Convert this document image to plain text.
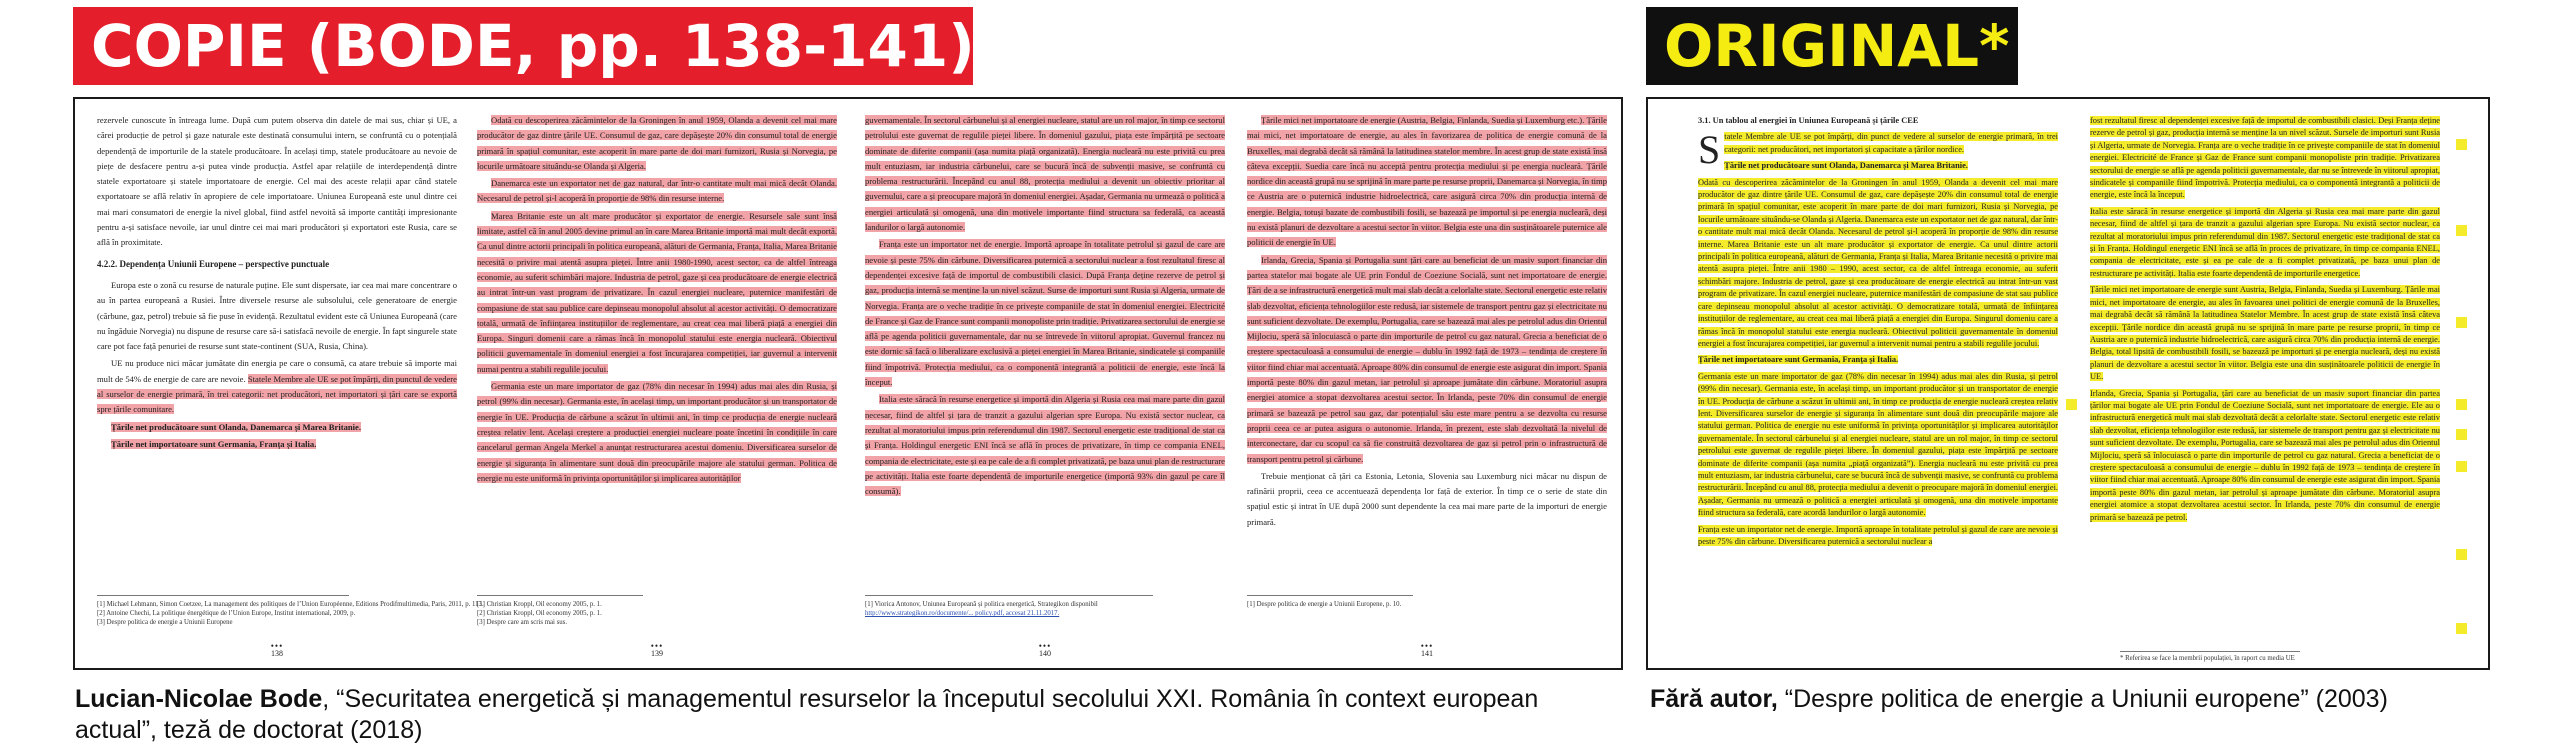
COPIE (BODE, pp. 138-141)	ORIGINAL*

rezervele cunoscute în întreaga lume. După cum putem observa din datele de mai sus, chiar și UE, a cărei producție de petrol și gaze naturale este destinată consumului intern, se confruntă cu o potențială dependență de importurile de la statele producătoare. În același timp, statele producătoare au nevoie de piețe de desfacere pentru a-și putea vinde producția. Astfel apar relațiile de interdependență dintre statele exportatoare și statele importatoare de energie. Cel mai des aceste relații apar când statele exportatoare se află relativ în apropiere de cele importatoare. Uniunea Europeană este unul dintre cei mai mari consumatori de energie la nivel global, fiind astfel nevoită să importe cantități impresionante pentru a-și satisface nevoile, iar unul dintre cei mai mari producători și exportatori este Rusia, care se află în proximitate.

4.2.2. Dependența Uniunii Europene – perspective punctuale

Europa este o zonă cu resurse de naturale puține. Ele sunt dispersate, iar cea mai mare concentrare o au în partea europeană a Rusiei. Între diversele resurse ale subsolului, cele generatoare de energie (cărbune, gaz, petrol) trebuie să fie puse în evidență. Rezultatul evident este că Uniunea Europeană (care nu îngăduie Norvegia) nu dispune de resurse care să-i satisfacă nevoile de energie. În fapt singurele state care pot face față penuriei de resurse sunt state-continent (SUA, Rusia, China).

UE nu produce nici măcar jumătate din energia pe care o consumă, ca atare trebuie să importe mai mult de 54% de energie de care are nevoie. Statele Membre ale UE se pot împărți, din punctul de vedere al surselor de energie primară, în trei categorii: net producători, net importatori și țări care se exportă spre țările comunitare.

Țările net producătoare sunt Olanda, Danemarca și Marea Britanie.

Țările net importatoare sunt Germania, Franța și Italia.

[1] Michael Lehmann, Simon Coetzee, La management des politiques de l’Union Européenne, Editions Prodifmultimedia, Paris, 2011, p. 113.
[2] Antoine Chechi, La politique énergétique de l’Union Europe, Institut international, 2009, p.
[3] Despre politica de energie a Uniunii Europene
•••
138

Odată cu descoperirea zăcămintelor de la Groningen în anul 1959, Olanda a devenit cel mai mare producător de gaz dintre țările UE. Consumul de gaz, care depășește 20% din consumul total de energie primară în spațiul comunitar, este acoperit în mare parte de doi mari furnizori, Rusia și Norvegia, pe locurile următoare situându-se Olanda și Algeria.

Danemarca este un exportator net de gaz natural, dar într-o cantitate mult mai mică decât Olanda. Necesarul de petrol și-l acoperă în proporție de 98% din resurse interne.

Marea Britanie este un alt mare producător și exportator de energie. Resursele sale sunt însă limitate, astfel că în anul 2005 devine primul an în care Marea Britanie importă mai mult decât exportă. Ca unul dintre actorii principali în politica europeană, alături de Germania, Franța, Italia, Marea Britanie necesită o privire mai atentă asupra pieței. Între anii 1980-1990, acest sector, ca de altfel întreaga economie, au suferit schimbări majore. Industria de petrol, gaze și cea producătoare de energie electrică au intrat într-un vast program de privatizare. În cazul energiei nucleare, puternice manifestări de compasiune de stat sau publice care depinseau monopolul absolut al acestor activități. O democratizare totală, urmată de înființarea instituțiilor de reglementare, au creat cea mai liberă piață a energiei din Europa. Singuri domenii care a rămas încă în monopolul statului este energia nucleară. Obiectivul politicii guvernamentale în domeniul energiei a fost încurajarea competiției, iar guvernul a intervenit numai pentru a stabili regulile jocului.

Germania este un mare importator de gaz (78% din necesar în 1994) adus mai ales din Rusia, și petrol (99% din necesar). Germania este, în același timp, un important producător și un transportator de energie în UE. Producția de cărbune a scăzut în ultimii ani, în timp ce producția de energie nucleară creștea relativ lent. Același creștere a producției energiei nucleare poate încetini în condițiile în care cancelarul german Angela Merkel a anunțat restructurarea acestui domeniu. Diversificarea surselor de energie și siguranța în alimentare sunt două din preocupările majore ale statului german. Politica de energie nu este uniformă în privința oportunităților și implicarea autorităților

[1] Christian Kroppl, Oil economy 2005, p. 1.
[2] Christian Kroppl, Oil economy 2005, p. 1.
[3] Despre care am scris mai sus.
•••
139

guvernamentale. În sectorul cărbunelui și al energiei nucleare, statul are un rol major, în timp ce sectorul petrolului este guvernat de regulile pieței libere. În domeniul gazului, piața este împărțită pe sectoare dominate de diferite companii (așa numita piață organizată). Energia nucleară nu este privită cu prea mult entuziasm, iar industria cărbunelui, care se bucură încă de subvenții masive, se confruntă cu problema restructurării. Începând cu anul 88, protecția mediului a devenit un obiectiv prioritar al guvernului, care a și preocupare majoră în domeniul energiei. Așadar, Germania nu urmează o politică a energiei articulată și omogenă, una din motivele importante fiind structura sa federală, ca această landurilor o largă autonomie.

Franța este un importator net de energie. Importă aproape în totalitate petrolul și gazul de care are nevoie și peste 75% din cărbune. Diversificarea puternică a sectorului nuclear a fost rezultatul firesc al dependenței excesive față de importul de combustibili clasici. După Franța deține rezerve de petrol și gaz, producția internă se menține la un nivel scăzut. Surse de importuri sunt Rusia și Algeria, urmate de Norvegia. Franța are o veche tradiție în ce privește companiile de stat în domeniul energiei. Electricité de France și Gaz de France sunt companii monopoliste prin tradiție. Privatizarea sectorului de energie se află pe agenda politicii guvernamentale, dar nu se întrevede în viitorul apropiat. Guvernul francez nu este dornic să facă o liberalizare exclusivă a pieței energiei în Marea Britanie, sindicatele și companiile fiind împotrivă. Protecția mediului, ca o componentă integrantă a politicii de energie, este încă la început.

Italia este săracă în resurse energetice și importă din Algeria și Rusia cea mai mare parte din gazul necesar, fiind de altfel și țara de tranzit a gazului algerian spre Europa. Nu există sector nuclear, ca rezultat al moratoriului impus prin referendumul din 1987. Sectorul energetic este tradițional de stat ca și Franța. Holdingul energetic ENI încă se află în proces de privatizare, în timp ce compania ENEL, compania de electricitate, este și ea pe cale de a fi complet privatizată, pe baza unui plan de restructurare pe activități. Italia este foarte dependentă de importurile energetice (importă 93% din gazul pe care îl consumă).

[1] Viorica Antonov, Uniunea Europeană și politica energetică, Strategikon disponibil
http://www.strategikon.ro/documente/... policy.pdf, accesat 21.11.2017.
•••
140

Țările mici net importatoare de energie (Austria, Belgia, Finlanda, Suedia și Luxemburg etc.). Țările mai mici, net importatoare de energie, au ales în favorizarea de politica de energie comună de la Bruxelles, mai degrabă decât să rămână la latitudinea statelor membre. În acest grup de state există însă câteva excepții. Suedia care încă nu acceptă pentru protecția mediului și pe energia nucleară. Țările nordice din această grupă nu se sprijină în mare parte pe resurse proprii, Danemarca și Norvegia, în timp ce Austria are o puternică industrie hidroelectrică, care asigură circa 70% din producția internă de energie. Belgia, totuși bazate de combustibili fosili, se bazează pe importul și pe energia nucleară, deși nu există planuri de dezvoltare a acestui sector în viitor. Belgia este una din susținătoarele puternice ale politicii de energie în UE.

Irlanda, Grecia, Spania și Portugalia sunt țări care au beneficiat de un masiv suport financiar din partea statelor mai bogate ale UE prin Fondul de Coeziune Socială, sunt net importatoare de energie. Țări de a se infrastructură energetică mult mai slab decât a celorlalte state. Sectorul energetic este relativ slab dezvoltat, eficiența tehnologiilor este redusă, iar sistemele de transport pentru gaz și electricitate nu sunt suficient dezvoltate. De exemplu, Portugalia, care se bazează mai ales pe petrolul adus din Orientul Mijlociu, speră să înlocuiască o parte din importurile de petrol cu gaz natural. Grecia a beneficiat de o creștere spectaculoasă a consumului de energie – dublu în 1992 față de 1973 – tendința de creștere în viitor fiind chiar mai accentuată. Aproape 80% din consumul de energie este asigurat din import. Spania importă peste 80% din gazul metan, iar petrolul și aproape jumătate din cărbune. Moratoriul asupra energiei atomice a stopat dezvoltarea acestui sector. În Irlanda, peste 70% din consumul de energie primară se bazează pe petrol sau gaz, dar potențialul său este mare pentru a se dezvolta cu resurse proprii ceea ce ar putea asigura o autonomie. Irlanda, în prezent, este slab dezvoltată la nivelul de interconectare, dar cu scopul ca să fie construită dezvoltarea de gaz și petrol prin o infrastructură de transport pentru petrol și cărbune.

Trebuie menționat că țări ca Estonia, Letonia, Slovenia sau Luxemburg nici măcar nu dispun de rafinării proprii, ceea ce accentuează dependența lor față de exterior. În timp ce o serie de state din spațiul estic și intrat în UE după 2000 sunt dependente la cea mai mare parte de la importuri de energie primară.

[1] Despre politica de energie a Uniunii Europene, p. 10.
•••
141
3.1. Un tablou al energiei în Uniunea Europeană și țările CEE

S tatele Membre ale UE se pot împărți, din punct de vedere al surselor de energie primară, în trei categorii: net producători, net importatori și capacitate a țărilor nordice.

Țările net producătoare sunt Olanda, Danemarca și Marea Britanie.

Odată cu descoperirea zăcămintelor de la Groningen în anul 1959, Olanda a devenit cel mai mare producător de gaz dintre țările UE. Consumul de gaz, care depășește 20% din consumul total de energie primară în spațiul comunitar, este acoperit în mare parte de doi mari furnizori, Rusia și Norvegia, pe locurile următoare situându-se Olanda și Algeria. Danemarca este un exportator net de gaz natural, dar într-o cantitate mult mai mică decât Olanda. Necesarul de petrol și-l acoperă în proporție de 98% din resurse interne. Marea Britanie este un alt mare producător și exportator de energie. Ca unul dintre actorii principali în politica europeană, alături de Germania, Franța și Italia, Marea Britanie necesită o privire mai atentă asupra pieței. Între anii 1980 – 1990, acest sector, ca de altfel întreaga economie, au suferit schimbări majore. Industria de petrol, gaze și cea producătoare de energie electrică au intrat într-un vast program de privatizare. În cazul energiei nucleare, puternice manifestări de compasiune de stat sau publice care depinseau monopolul absolut al acestor activități. O democratizare totală, urmată de înființarea instituțiilor de reglementare, au creat cea mai liberă piață a energiei din Europa. Singurul domeniu care a rămas încă în monopolul statului este energia nucleară. Obiectivul politicii guvernamentale în domeniul energiei a fost încurajarea competiției, iar guvernul a intervenit numai pentru a stabili regulile jocului.

Țările net importatoare sunt Germania, Franța și Italia.

Germania este un mare importator de gaz (78% din necesar în 1994) adus mai ales din Rusia, și petrol (99% din necesar). Germania este, în același timp, un important producător și un transportator de energie în UE. Producția de cărbune a scăzut în ultimii ani, în timp ce producția de energie nucleară creștea relativ lent. Diversificarea surselor de energie și siguranța în alimentare sunt două din preocupările majore ale statului german. Politica de energie nu este uniformă în privința oportunităților și implicarea autorităților guvernamentale. În sectorul cărbunelui și al energiei nucleare, statul are un rol major, în timp ce sectorul petrolului este guvernat de regulile pieței libere. În domeniul gazului, piața este împărțită pe sectoare dominate de diferite companii (așa numita „piață organizată”). Energia nucleară nu este privită cu prea mult entuziasm, iar industria cărbunelui, care se bucură încă de subvenții masive, se confruntă cu problema restructurării. Începând cu anul 88, protecția mediului a devenit o preocupare majoră în domeniul energiei. Așadar, Germania nu urmează o politică a energiei articulată și omogenă, una din motivele importante fiind structura sa federală, care acordă landurilor o largă autonomie.

Franța este un importator net de energie. Importă aproape în totalitate petrolul și gazul de care are nevoie și peste 75% din cărbune. Diversificarea puternică a sectorului nuclear a

fost rezultatul firesc al dependenței excesive față de importul de combustibili clasici. Deși Franța deține rezerve de petrol și gaz, producția internă se menține la un nivel scăzut. Sursele de importuri sunt Rusia și Algeria, urmate de Norvegia. Franța are o veche tradiție în ce privește companiile de stat în domeniul energiei. Electricité de France și Gaz de France sunt companii monopoliste prin tradiție. Privatizarea sectorului de energie se află pe agenda politicii guvernamentale, dar nu se întrevede în viitorul apropiat, sindicatele și companiile fiind împotrivă. Protecția mediului, ca o componentă integrantă a politicii de energie, este încă la început.

Italia este săracă în resurse energetice și importă din Algeria și Rusia cea mai mare parte din gazul necesar, fiind de altfel și țara de tranzit a gazului algerian spre Europa. Nu există sector nuclear, ca rezultat al moratoriului impus prin referendumul din 1987. Sectorul energetic este tradițional de stat ca și în Franța. Holdingul energetic ENI încă se află în proces de privatizare, în timp ce compania ENEL, compania de electricitate, este și ea pe cale de a fi complet privatizată, pe baza unui plan de restructurare pe activități. Italia este foarte dependentă de importurile energetice.

Țările mici net importatoare de energie sunt Austria, Belgia, Finlanda, Suedia și Luxemburg. Țările mai mici, net importatoare de energie, au ales în favoarea unei politici de energie comună de la Bruxelles, mai degrabă decât să rămână la latitudinea Statelor Membre. În acest grup de state există însă câteva excepții. Țările nordice din această grupă nu se sprijină în mare parte pe resurse proprii, în timp ce Austria are o puternică industrie hidroelectrică, care asigură circa 70% din producția internă de energie. Belgia, total lipsită de combustibili fosili, se bazează pe importuri și pe energia nucleară, deși nu există planuri de dezvoltare a acestui sector în viitor. Belgia este una din susținătoarele politicii de energie în UE.

Irlanda, Grecia, Spania și Portugalia, țări care au beneficiat de un masiv suport financiar din partea țărilor mai bogate ale UE prin Fondul de Coeziune Socială, sunt net importatoare de energie. Ele au o infrastructură energetică mult mai slab dezvoltată decât a celorlalte state. Sectorul energetic este relativ slab dezvoltat, eficiența tehnologiilor este redusă, iar sistemele de transport pentru gaz și electricitate nu sunt suficient dezvoltate. De exemplu, Portugalia, care se bazează mai ales pe petrolul adus din Orientul Mijlociu, speră să înlocuiască o parte din importurile de petrol cu gaz natural. Grecia a beneficiat de o creștere spectaculoasă a consumului de energie – dublu în 1992 față de 1973 – tendința de creștere în viitor fiind chiar mai accentuată. Aproape 80% din consumul de energie este asigurat din import. Spania importă peste 80% din gazul metan, iar petrolul și aproape jumătate din cărbune. Moratoriul asupra energiei atomice a stopat dezvoltarea acestui sector. În Irlanda, peste 70% din consumul de energie primară se bazează pe petrol.

* Referirea se face la membrii populației, în raport cu media UE
Lucian-Nicolae Bode, “Securitatea energetică și managementul resurselor la începutul secolului XXI. România în context european actual”, teză de doctorat (2018)
Fără autor, “Despre politica de energie a Uniunii europene” (2003)
